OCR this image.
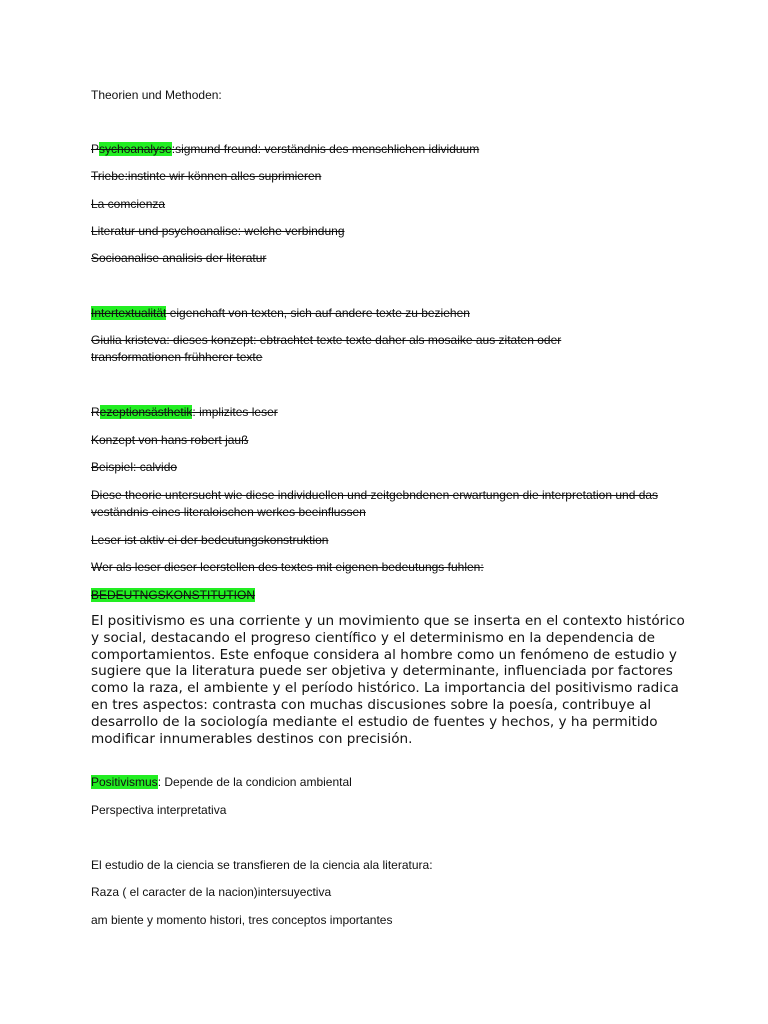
Theorien und Methoden:
Psychoanalyse:sigmund freund: verständnis des menschlichen idividuum
Triebe:instinte wir können alles suprimieren
La comcienza
Literatur und psychoanalise: welche verbindung
Socioanalise analisis der literatur
Intertextualität eigenchaft von texten, sich auf andere texte zu beziehen
Giulia kristeva: dieses konzept: ebtrachtet texte texte daher als mosaike aus zitaten oder transformationen frühherer texte
Rezeptionsästhetik: implizites leser
Konzept von hans robert jauß
Beispiel: calvido
Diese theorie untersucht wie diese individuellen und zeitgebndenen erwartungen die interpretation und das veständnis eines literaloischen werkes beeinflussen
Leser ist aktiv ei der bedeutungskonstruktion
Wer als leser dieser leerstellen des textes mit eigenen bedeutungs fuhlen:
BEDEUTNGSKONSTITUTION
El positivismo es una corriente y un movimiento que se inserta en el contexto histórico y social, destacando el progreso científico y el determinismo en la dependencia de comportamientos. Este enfoque considera al hombre como un fenómeno de estudio y sugiere que la literatura puede ser objetiva y determinante, influenciada por factores como la raza, el ambiente y el período histórico. La importancia del positivismo radica en tres aspectos: contrasta con muchas discusiones sobre la poesía, contribuye al desarrollo de la sociología mediante el estudio de fuentes y hechos, y ha permitido modificar innumerables destinos con precisión.
Positivismus: Depende de la condicion ambiental
Perspectiva interpretativa
El estudio de la ciencia se transfieren de la ciencia ala literatura:
Raza ( el caracter de la nacion)intersuyectiva
am biente y momento histori, tres conceptos importantes
